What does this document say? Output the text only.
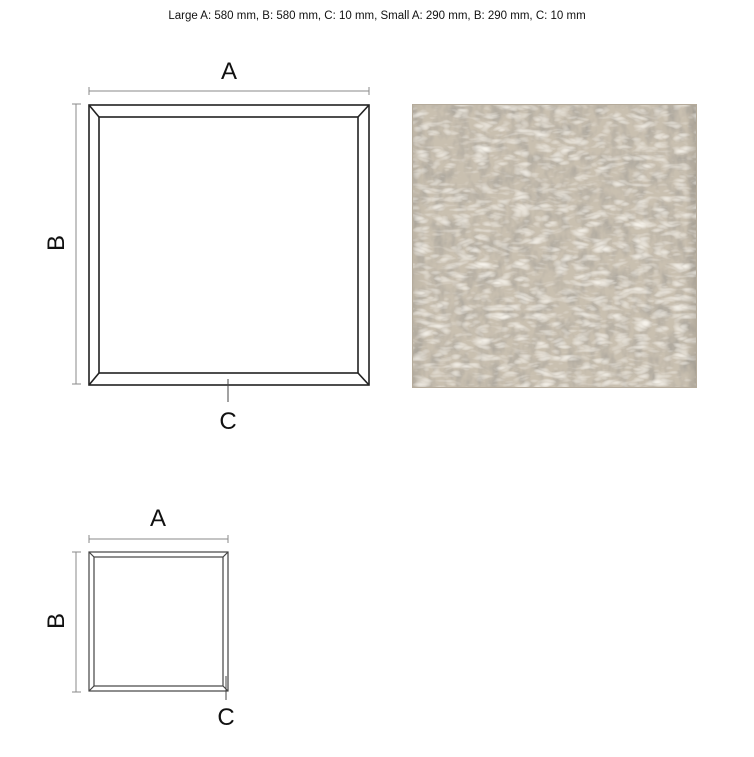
Large A: 580 mm, B: 580 mm, C: 10 mm, Small A: 290 mm, B: 290 mm, C: 10 mm
A
B
C
A
B
C
